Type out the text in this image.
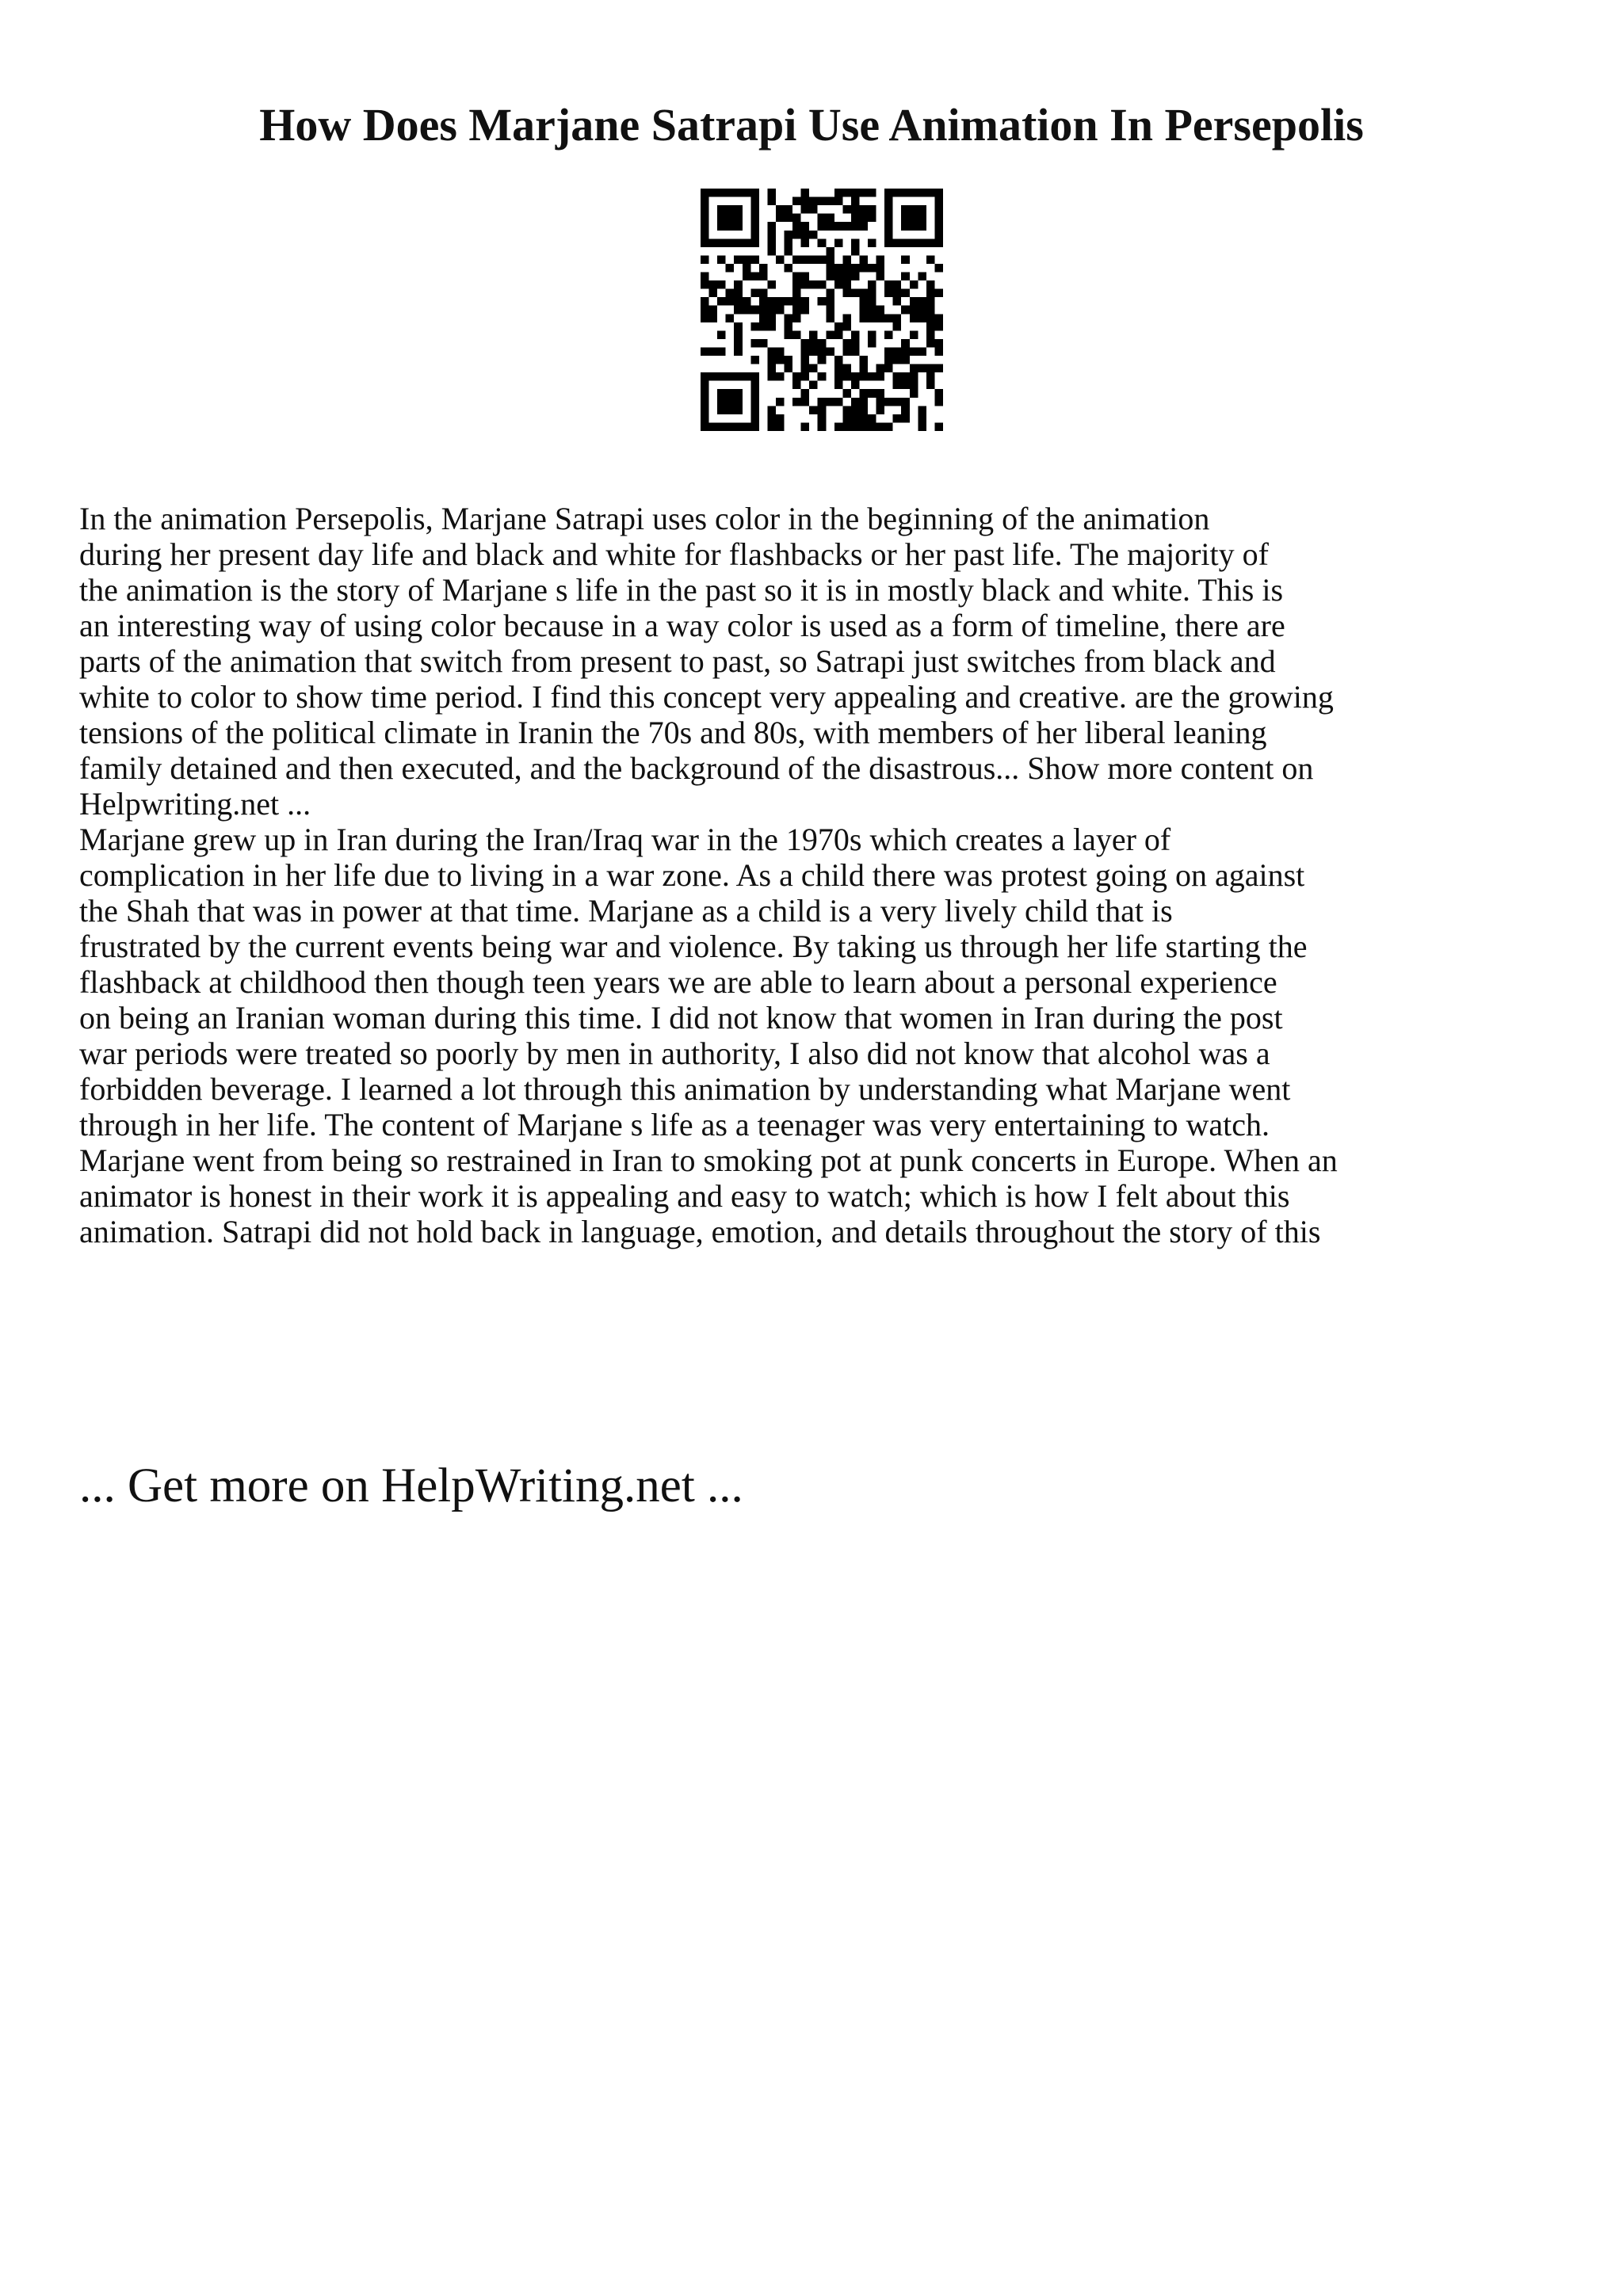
How Does Marjane Satrapi Use Animation In Persepolis
In the animation Persepolis, Marjane Satrapi uses color in the beginning of the animation
during her present day life and black and white for flashbacks or her past life. The majority of
the animation is the story of Marjane s life in the past so it is in mostly black and white. This is
an interesting way of using color because in a way color is used as a form of timeline, there are
parts of the animation that switch from present to past, so Satrapi just switches from black and
white to color to show time period. I find this concept very appealing and creative. are the growing
tensions of the political climate in Iranin the 70s and 80s, with members of her liberal leaning
family detained and then executed, and the background of the disastrous... Show more content on
Helpwriting.net ...
Marjane grew up in Iran during the Iran/Iraq war in the 1970s which creates a layer of
complication in her life due to living in a war zone. As a child there was protest going on against
the Shah that was in power at that time. Marjane as a child is a very lively child that is
frustrated by the current events being war and violence. By taking us through her life starting the
flashback at childhood then though teen years we are able to learn about a personal experience
on being an Iranian woman during this time. I did not know that women in Iran during the post
war periods were treated so poorly by men in authority, I also did not know that alcohol was a
forbidden beverage. I learned a lot through this animation by understanding what Marjane went
through in her life. The content of Marjane s life as a teenager was very entertaining to watch.
Marjane went from being so restrained in Iran to smoking pot at punk concerts in Europe. When an
animator is honest in their work it is appealing and easy to watch; which is how I felt about this
animation. Satrapi did not hold back in language, emotion, and details throughout the story of this
... Get more on HelpWriting.net ...
